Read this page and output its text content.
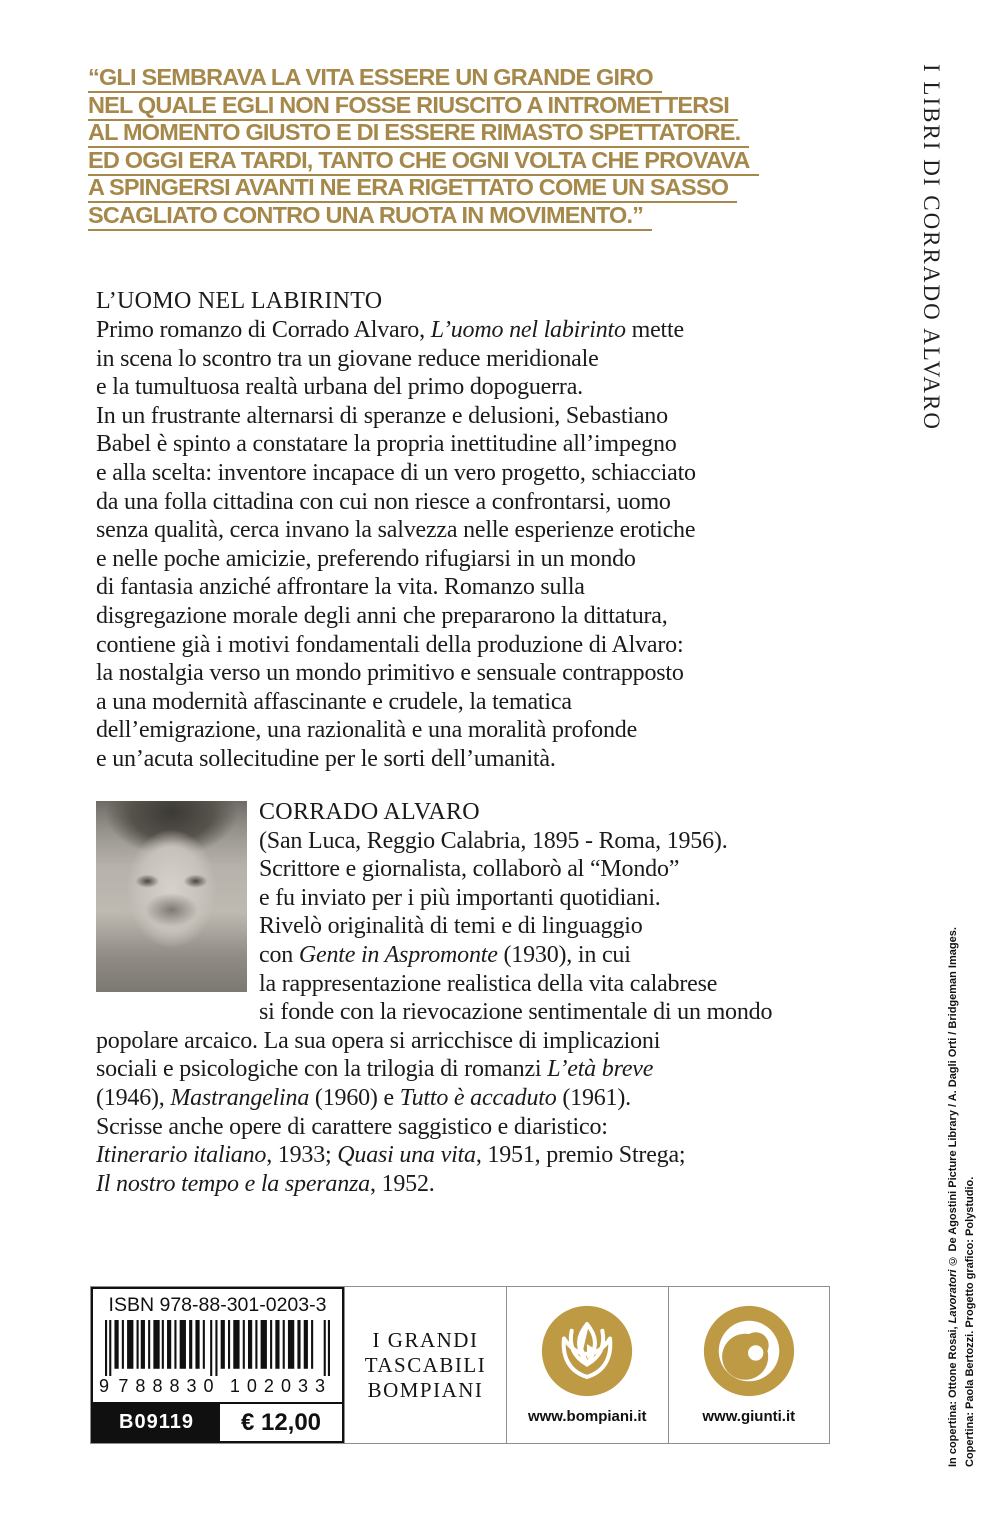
“GLI SEMBRAVA LA VITA ESSERE UN GRANDE GIRO
NEL QUALE EGLI NON FOSSE RIUSCITO A INTROMETTERSI
AL MOMENTO GIUSTO E DI ESSERE RIMASTO SPETTATORE.
ED OGGI ERA TARDI, TANTO CHE OGNI VOLTA CHE PROVAVA
A SPINGERSI AVANTI NE ERA RIGETTATO COME UN SASSO
SCAGLIATO CONTRO UNA RUOTA IN MOVIMENTO.”	I LIBRI DI CORRADO ALVARO
L’UOMO NEL LABIRINTO
Primo romanzo di Corrado Alvaro, L’uomo nel labirinto mette
in scena lo scontro tra un giovane reduce meridionale
e la tumultuosa realtà urbana del primo dopoguerra.
In un frustrante alternarsi di speranze e delusioni, Sebastiano
Babel è spinto a constatare la propria inettitudine all’impegno
e alla scelta: inventore incapace di un vero progetto, schiacciato
da una folla cittadina con cui non riesce a confrontarsi, uomo
senza qualità, cerca invano la salvezza nelle esperienze erotiche
e nelle poche amicizie, preferendo rifugiarsi in un mondo
di fantasia anziché affrontare la vita. Romanzo sulla
disgregazione morale degli anni che prepararono la dittatura,
contiene già i motivi fondamentali della produzione di Alvaro:
la nostalgia verso un mondo primitivo e sensuale contrapposto
a una modernità affascinante e crudele, la tematica
dell’emigrazione, una razionalità e una moralità profonde
e un’acuta sollecitudine per le sorti dell’umanità.
CORRADO ALVARO
(San Luca, Reggio Calabria, 1895 - Roma, 1956).
Scrittore e giornalista, collaborò al “Mondo”
e fu inviato per i più importanti quotidiani.
Rivelò originalità di temi e di linguaggio
con Gente in Aspromonte (1930), in cui
la rappresentazione realistica della vita calabrese
si fonde con la rievocazione sentimentale di un mondo
popolare arcaico. La sua opera si arricchisce di implicazioni
sociali e psicologiche con la trilogia di romanzi L’età breve
(1946), Mastrangelina (1960) e Tutto è accaduto (1961).
Scrisse anche opere di carattere saggistico e diaristico:
Itinerario italiano, 1933; Quasi una vita, 1951, premio Strega;
Il nostro tempo e la speranza, 1952.
In copertina: Ottone Rosai, Lavoratori © De Agostini Picture Library / A. Dagli Orti / Bridgeman Images.
Copertina: Paola Bertozzi. Progetto grafico: Polystudio.
ISBN 978-88-301-0203-3
9 788830 102033
B09119	€ 12,00
I GRANDI
TASCABILI
BOMPIANI
www.bompiani.it	www.giunti.it
